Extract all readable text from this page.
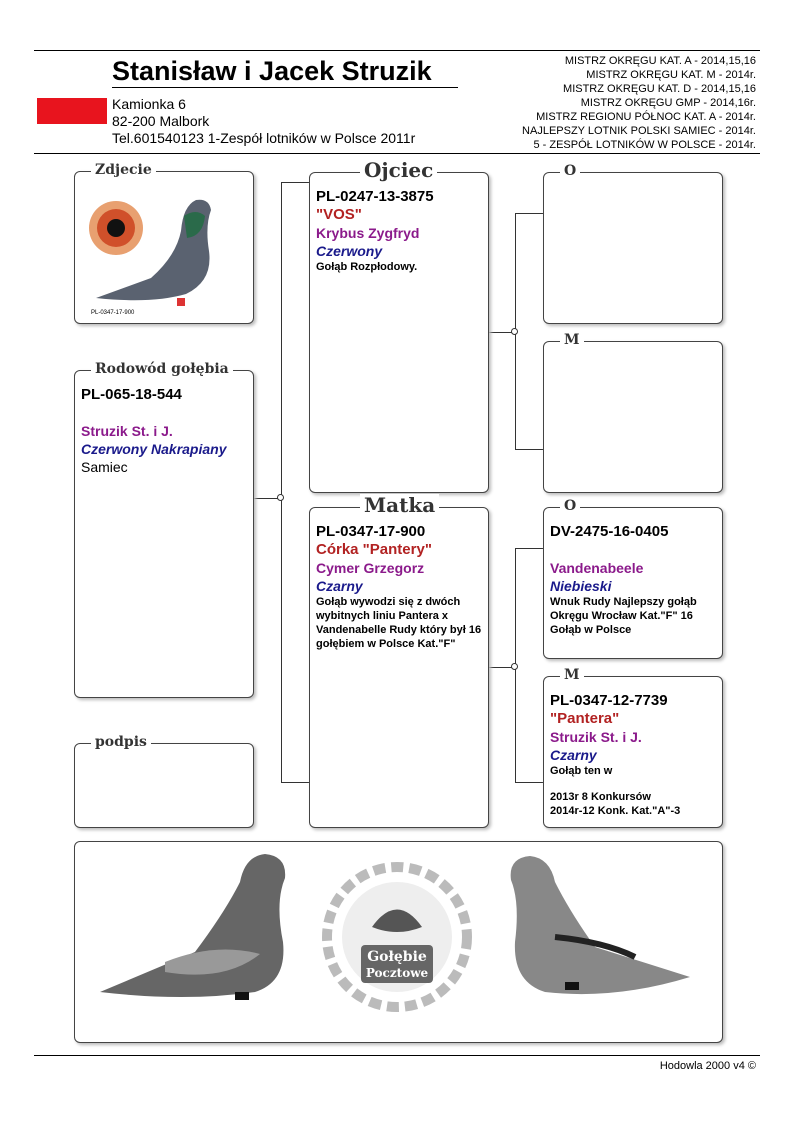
Stanisław i Jacek Struzik
Kamionka 6
82-200 Malbork
Tel.601540123 1-Zespół lotników w Polsce 2011r
MISTRZ OKRĘGU KAT. A - 2014,15,16
MISTRZ OKRĘGU KAT. M - 2014r.
MISTRZ OKRĘGU KAT. D - 2014,15,16
MISTRZ OKRĘGU GMP - 2014,16r.
MISTRZ REGIONU PÓŁNOC KAT. A - 2014r.
NAJLEPSZY LOTNIK POLSKI SAMIEC - 2014r.
5 - ZESPÓŁ LOTNIKÓW W POLSCE - 2014r.
Zdjecie
PL-0347-17-900
Rodowód gołębia
PL-065-18-544
Struzik St. i J.
Czerwony Nakrapiany
Samiec
podpis
Ojciec
PL-0247-13-3875
"VOS"
Krybus Zygfryd
Czerwony
Gołąb Rozpłodowy.
Matka
PL-0347-17-900
Córka "Pantery"
Cymer Grzegorz
Czarny
Gołąb wywodzi się z dwóch wybitnych liniu Pantera x Vandenabelle Rudy który był 16 gołębiem w Polsce Kat."F"
O
M
O
DV-2475-16-0405
Vandenabeele
Niebieski
Wnuk Rudy Najlepszy gołąb Okręgu Wrocław Kat."F" 16 Gołąb w Polsce
M
PL-0347-12-7739
"Pantera"
Struzik St. i J.
Czarny
Gołąb ten w
2013r 8 Konkursów
2014r-12 Konk. Kat."A"-3
Gołębie
Pocztowe
Hodowla 2000 v4 ©
